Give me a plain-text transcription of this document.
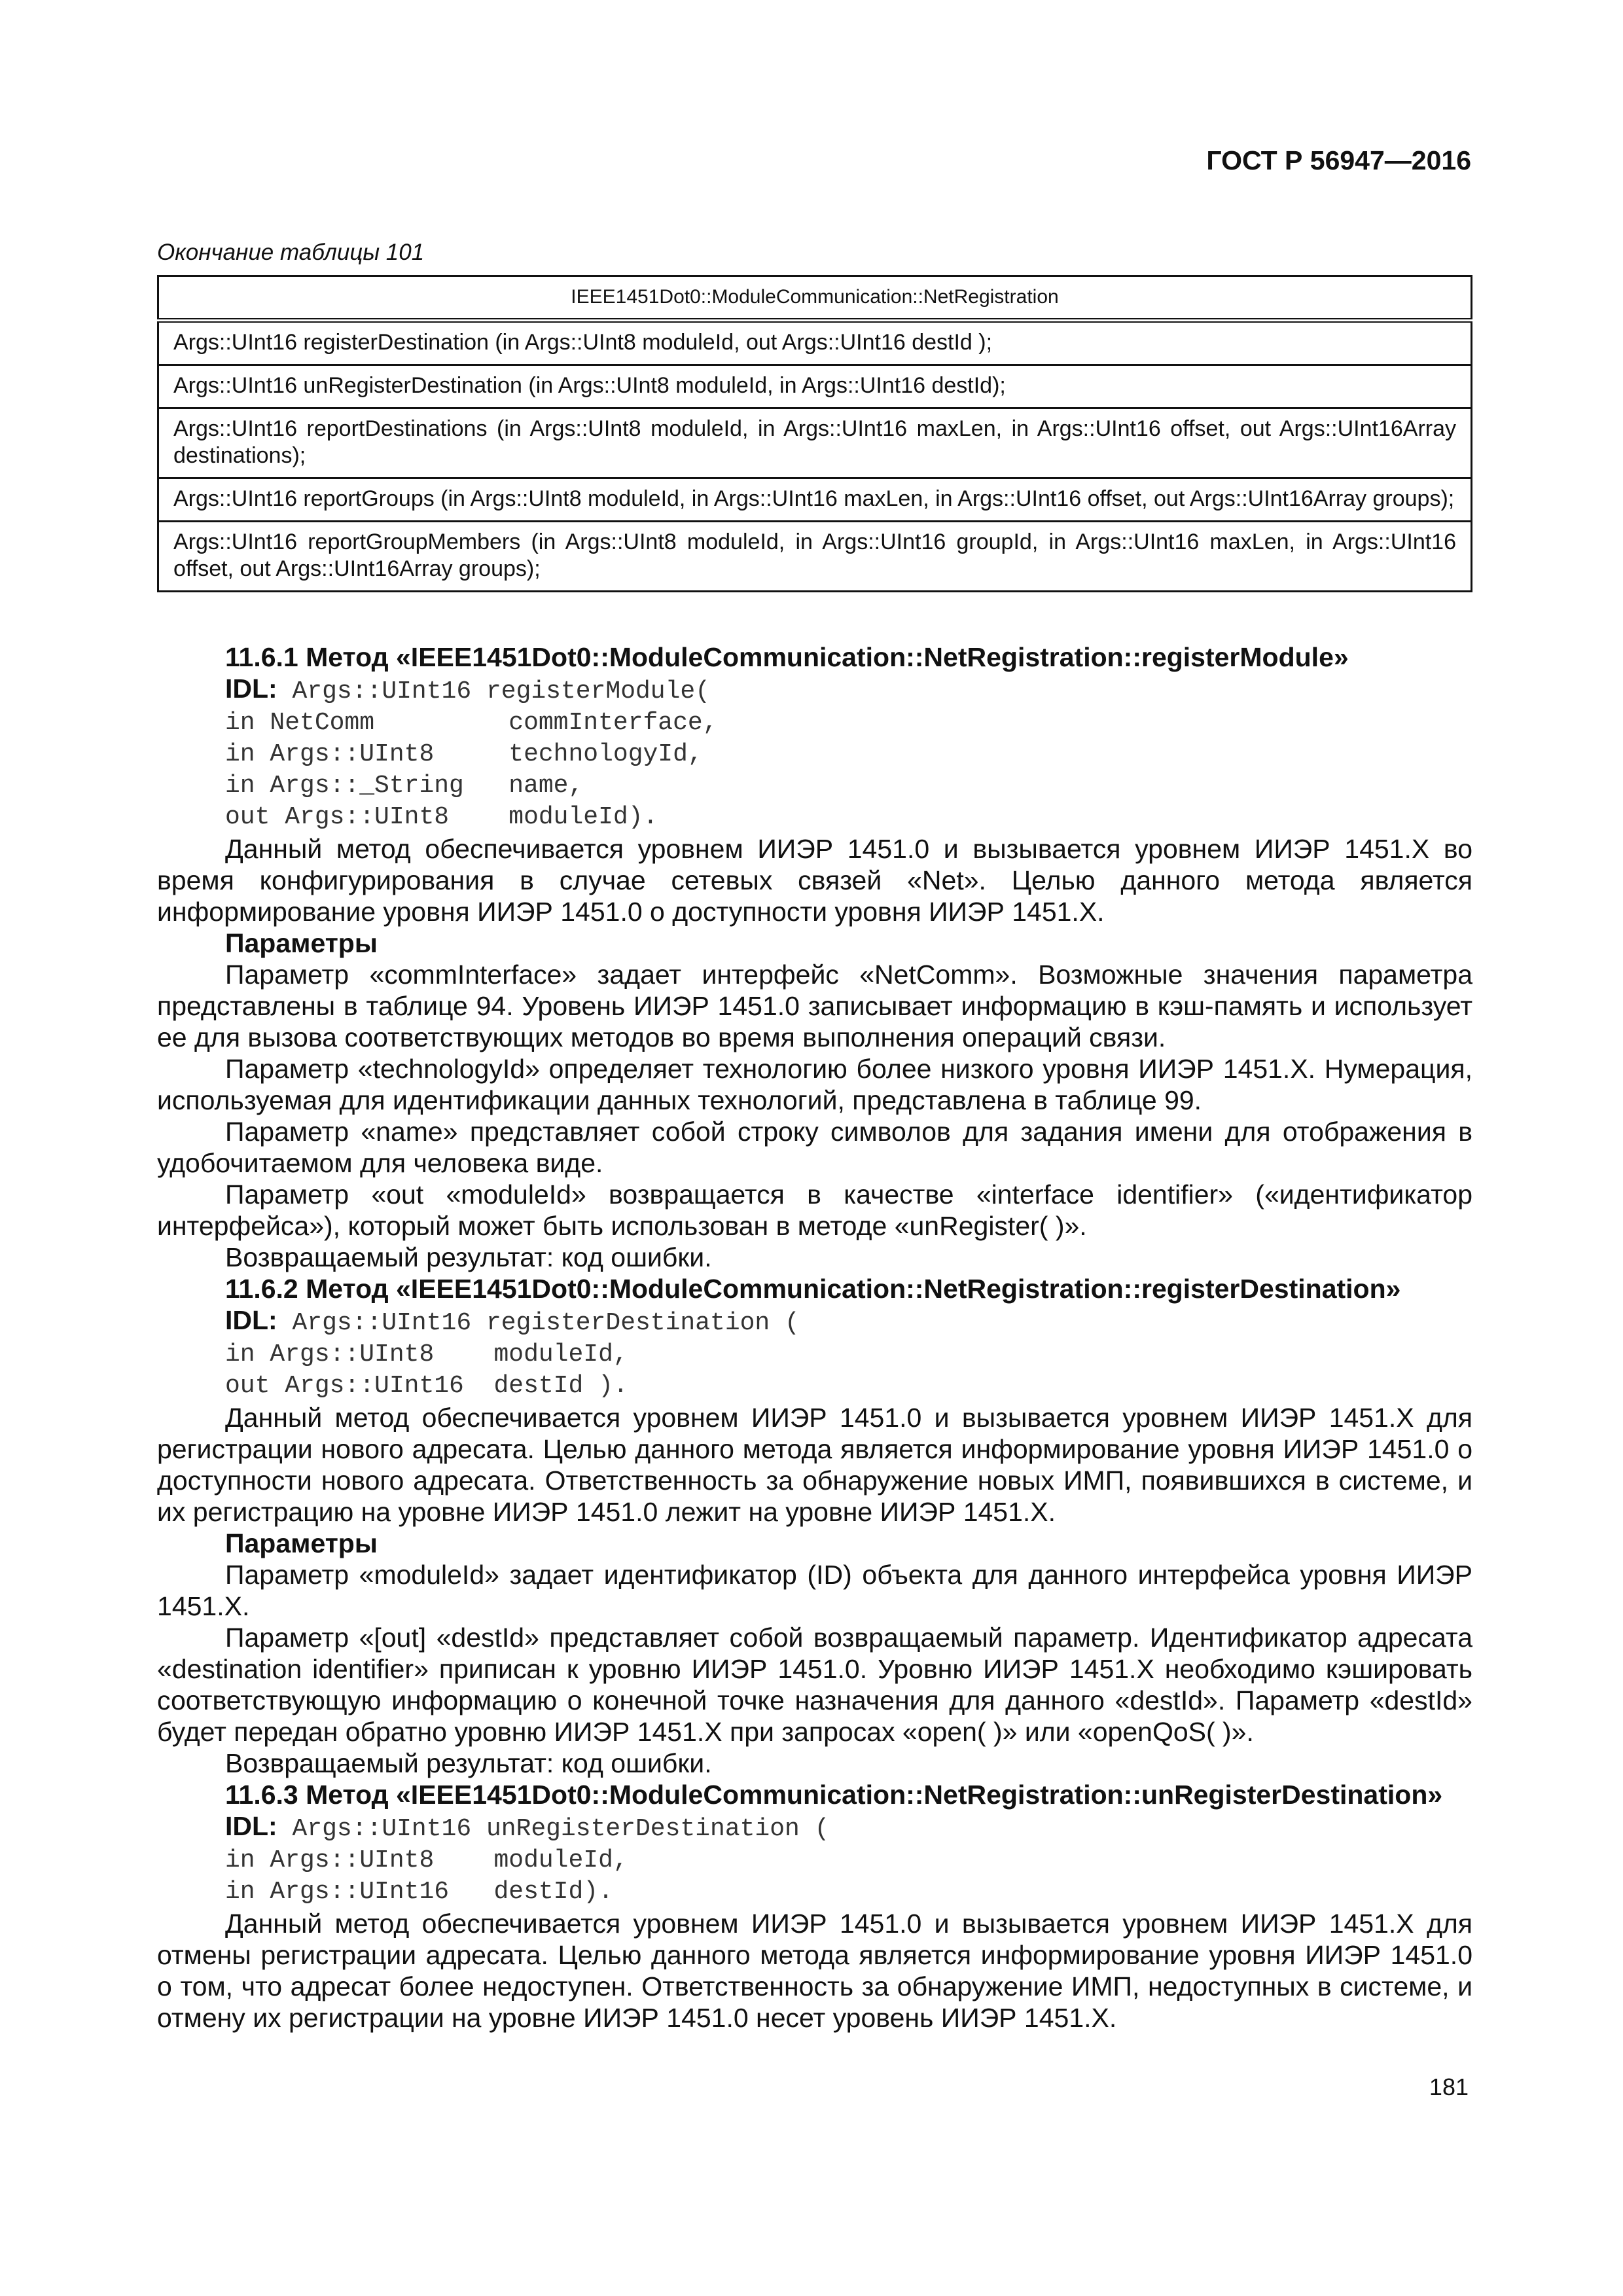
ГОСТ Р 56947—2016
Окончание таблицы 101
IEEE1451Dot0::ModuleCommunication::NetRegistration
Args::UInt16 registerDestination (in Args::UInt8 moduleId, out Args::UInt16 destId );
Args::UInt16 unRegisterDestination (in Args::UInt8 moduleId, in Args::UInt16 destId);
Args::UInt16 reportDestinations (in Args::UInt8 moduleId, in Args::UInt16 maxLen, in Args::UInt16 offset, out Args::UInt16Array destinations);
Args::UInt16 reportGroups (in Args::UInt8 moduleId, in Args::UInt16 maxLen, in Args::UInt16 offset, out Args::UInt16Array groups);
Args::UInt16 reportGroupMembers (in Args::UInt8 moduleId, in Args::UInt16 groupId, in Args::UInt16 maxLen, in Args::UInt16 offset, out Args::UInt16Array groups);
11.6.1 Метод «IEEE1451Dot0::ModuleCommunication::NetRegistration::registerModule»
IDL: Args::UInt16 registerModule(
in NetComm         commInterface,
in Args::UInt8     technologyId,
in Args::_String   name,
out Args::UInt8    moduleId).

Данный метод обеспечивается уровнем ИИЭР 1451.0 и вызывается уровнем ИИЭР 1451.X во время конфигурирования в случае сетевых связей «Net». Целью данного метода является информирование уровня ИИЭР 1451.0 о доступности уровня ИИЭР 1451.X.

Параметры

Параметр «commInterface» задает интерфейс «NetComm». Возможные значения параметра представлены в таблице 94. Уровень ИИЭР 1451.0 записывает информацию в кэш-память и использует ее для вызова соответствующих методов во время выполнения операций связи.

Параметр «technologyId» определяет технологию более низкого уровня ИИЭР 1451.X. Нумерация, используемая для идентификации данных технологий, представлена в таблице 99.

Параметр «name» представляет собой строку символов для задания имени для отображения в удобочитаемом для человека виде.

Параметр «out «moduleId» возвращается в качестве «interface identifier» («идентификатор интерфейса»), который может быть использован в методе «unRegister( )».

Возвращаемый результат: код ошибки.

11.6.2 Метод «IEEE1451Dot0::ModuleCommunication::NetRegistration::registerDestination»
IDL: Args::UInt16 registerDestination (
in Args::UInt8    moduleId,
out Args::UInt16  destId ).

Данный метод обеспечивается уровнем ИИЭР 1451.0 и вызывается уровнем ИИЭР 1451.X для регистрации нового адресата. Целью данного метода является информирование уровня ИИЭР 1451.0 о доступности нового адресата. Ответственность за обнаружение новых ИМП, появившихся в системе, и их регистрацию на уровне ИИЭР 1451.0 лежит на уровне ИИЭР 1451.X.

Параметры

Параметр «moduleId» задает идентификатор (ID) объекта для данного интерфейса уровня ИИЭР 1451.X.

Параметр «[out] «destId» представляет собой возвращаемый параметр. Идентификатор адресата «destination identifier» приписан к уровню ИИЭР 1451.0. Уровню ИИЭР 1451.X необходимо кэшировать соответствующую информацию о конечной точке назначения для данного «destId». Параметр «destId» будет передан обратно уровню ИИЭР 1451.X при запросах «open( )» или «openQoS( )».

Возвращаемый результат: код ошибки.

11.6.3 Метод «IEEE1451Dot0::ModuleCommunication::NetRegistration::unRegisterDestination»
IDL: Args::UInt16 unRegisterDestination (
in Args::UInt8    moduleId,
in Args::UInt16   destId).

Данный метод обеспечивается уровнем ИИЭР 1451.0 и вызывается уровнем ИИЭР 1451.X для отмены регистрации адресата. Целью данного метода является информирование уровня ИИЭР 1451.0 о том, что адресат более недоступен. Ответственность за обнаружение ИМП, недоступных в системе, и отмену их регистрации на уровне ИИЭР 1451.0 несет уровень ИИЭР 1451.X.

181
